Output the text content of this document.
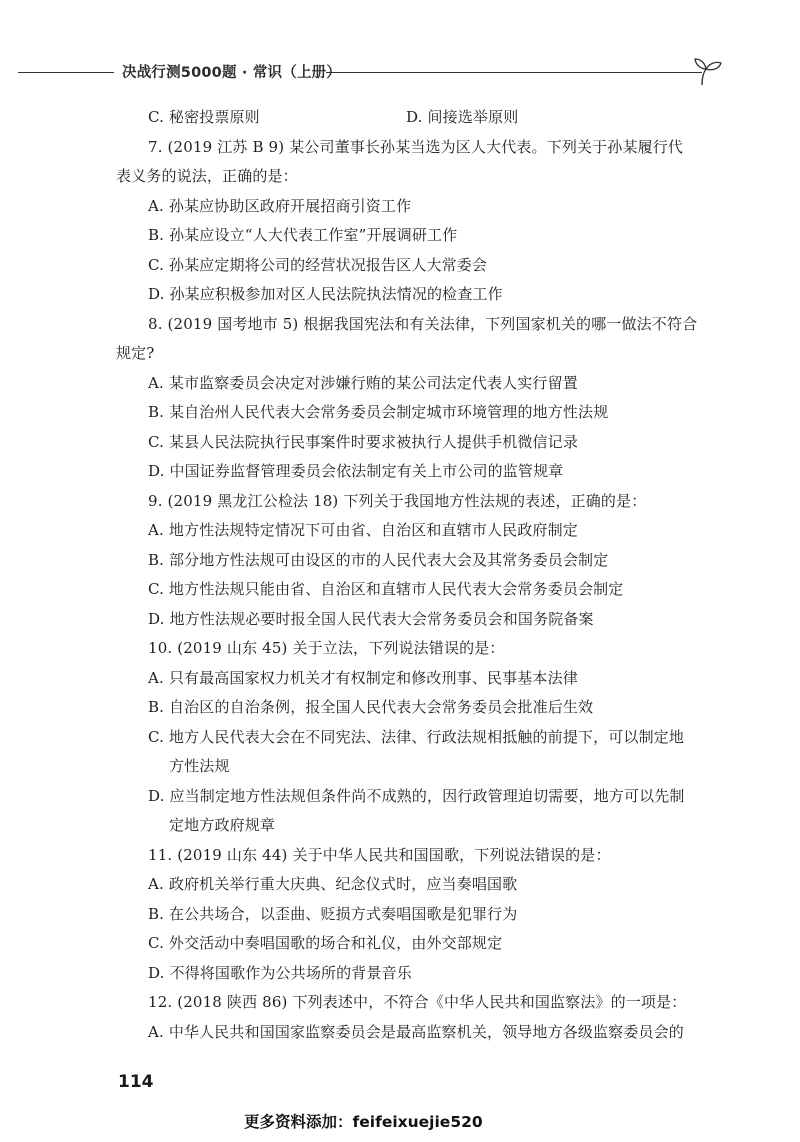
决战行测5000题 · 常识（上册）
C. 秘密投票原则	D. 间接选举原则
7. (2019 江苏 B 9) 某公司董事长孙某当选为区人大代表。下列关于孙某履行代
表义务的说法，正确的是：
A. 孙某应协助区政府开展招商引资工作
B. 孙某应设立“人大代表工作室”开展调研工作
C. 孙某应定期将公司的经营状况报告区人大常委会
D. 孙某应积极参加对区人民法院执法情况的检查工作
8. (2019 国考地市 5) 根据我国宪法和有关法律，下列国家机关的哪一做法不符合
规定?
A. 某市监察委员会决定对涉嫌行贿的某公司法定代表人实行留置
B. 某自治州人民代表大会常务委员会制定城市环境管理的地方性法规
C. 某县人民法院执行民事案件时要求被执行人提供手机微信记录
D. 中国证券监督管理委员会依法制定有关上市公司的监管规章
9. (2019 黑龙江公检法 18) 下列关于我国地方性法规的表述，正确的是：
A. 地方性法规特定情况下可由省、自治区和直辖市人民政府制定
B. 部分地方性法规可由设区的市的人民代表大会及其常务委员会制定
C. 地方性法规只能由省、自治区和直辖市人民代表大会常务委员会制定
D. 地方性法规必要时报全国人民代表大会常务委员会和国务院备案
10. (2019 山东 45) 关于立法，下列说法错误的是：
A. 只有最高国家权力机关才有权制定和修改刑事、民事基本法律
B. 自治区的自治条例，报全国人民代表大会常务委员会批准后生效
C. 地方人民代表大会在不同宪法、法律、行政法规相抵触的前提下，可以制定地
方性法规
D. 应当制定地方性法规但条件尚不成熟的，因行政管理迫切需要，地方可以先制
定地方政府规章
11. (2019 山东 44) 关于中华人民共和国国歌，下列说法错误的是：
A. 政府机关举行重大庆典、纪念仪式时，应当奏唱国歌
B. 在公共场合，以歪曲、贬损方式奏唱国歌是犯罪行为
C. 外交活动中奏唱国歌的场合和礼仪，由外交部规定
D. 不得将国歌作为公共场所的背景音乐
12. (2018 陕西 86) 下列表述中，不符合《中华人民共和国监察法》的一项是：
A. 中华人民共和国国家监察委员会是最高监察机关，领导地方各级监察委员会的
114
更多资料添加：feifeixuejie520
